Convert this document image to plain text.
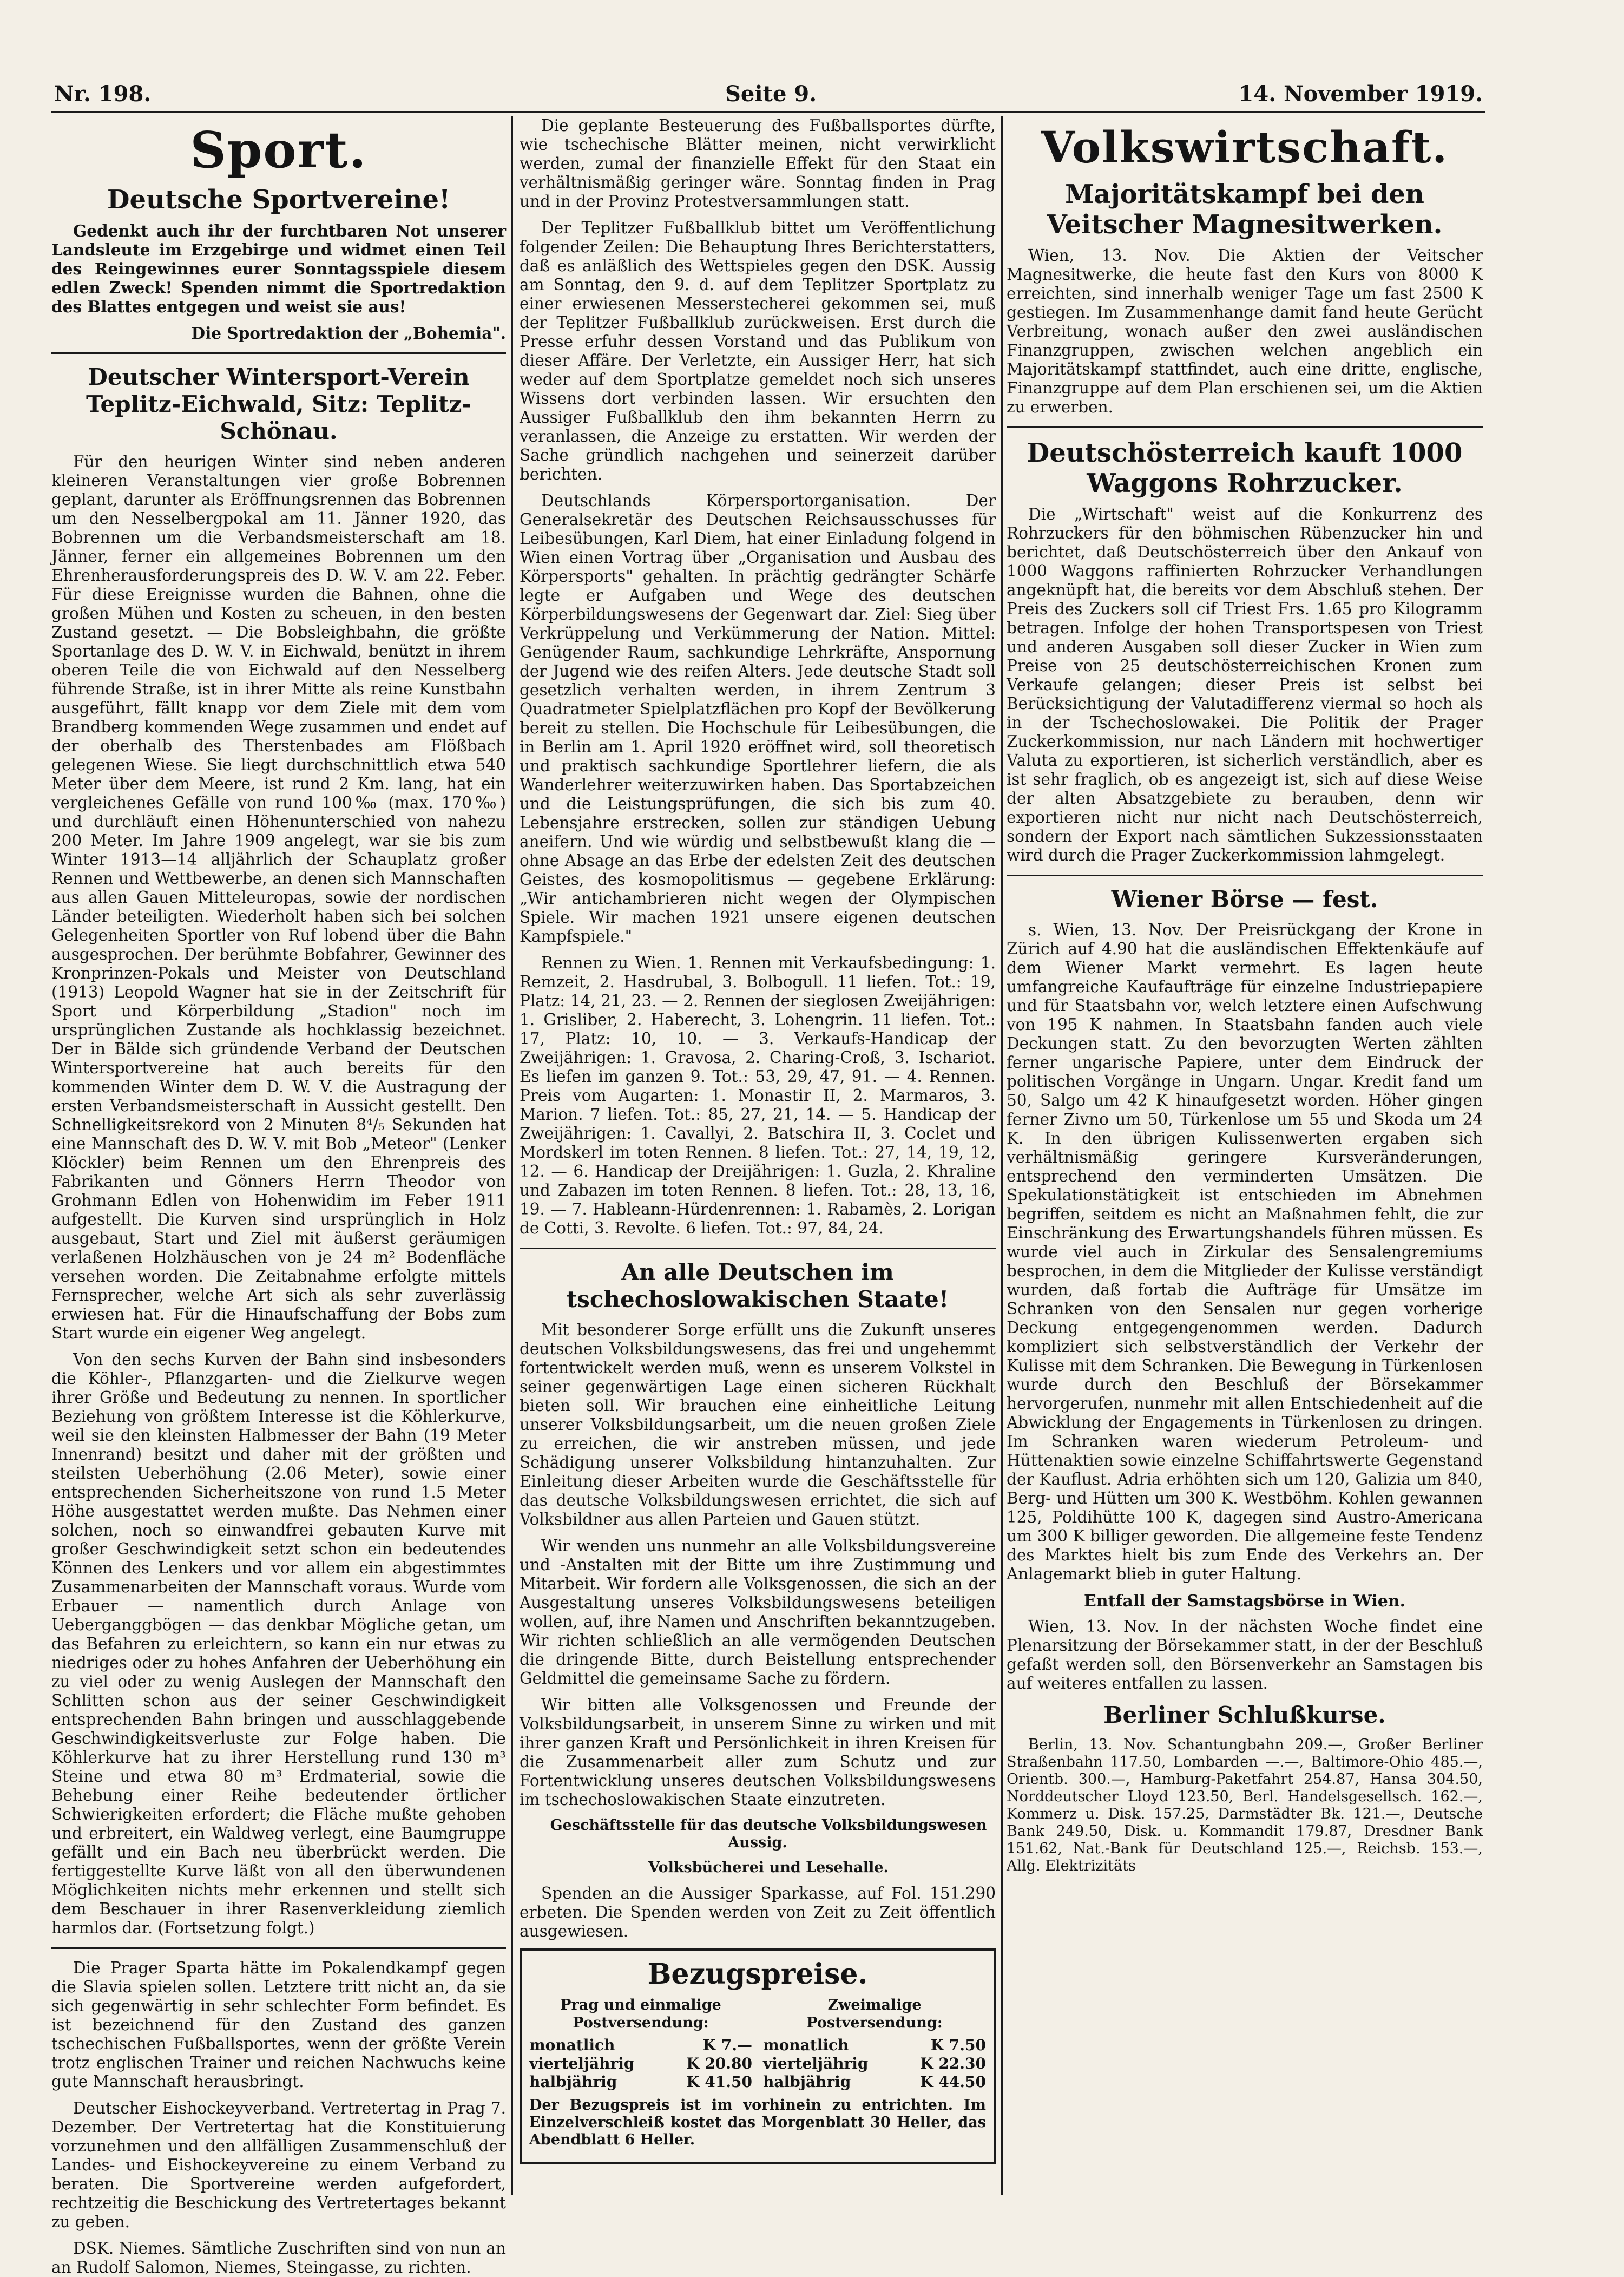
Nr. 198.	Seite 9.	14. November 1919.
Sport.
Deutsche Sportvereine!

Gedenkt auch ihr der furchtbaren Not unserer Landsleute im Erzgebirge und widmet einen Teil des Reingewinnes eurer Sonntagsspiele diesem edlen Zweck! Spenden nimmt die Sportredaktion des Blattes entgegen und weist sie aus!

Die Sportredaktion der „Bohemia".

Deutscher Wintersport-Verein Teplitz-Eichwald, Sitz: Teplitz-Schönau.

Für den heurigen Winter sind neben anderen kleineren Veranstaltungen vier große Bobrennen geplant, darunter als Eröffnungsrennen das Bobrennen um den Nesselbergpokal am 11. Jänner 1920, das Bobrennen um die Verbandsmeisterschaft am 18. Jänner, ferner ein allgemeines Bobrennen um den Ehrenherausforderungspreis des D. W. V. am 22. Feber. Für diese Ereignisse wurden die Bahnen, ohne die großen Mühen und Kosten zu scheuen, in den besten Zustand gesetzt. — Die Bobsleighbahn, die größte Sportanlage des D. W. V. in Eichwald, benützt in ihrem oberen Teile die von Eichwald auf den Nesselberg führende Straße, ist in ihrer Mitte als reine Kunstbahn ausgeführt, fällt knapp vor dem Ziele mit dem vom Brandberg kommenden Wege zusammen und endet auf der oberhalb des Therstenbades am Flößbach gelegenen Wiese. Sie liegt durchschnittlich etwa 540 Meter über dem Meere, ist rund 2 Km. lang, hat ein vergleichenes Gefälle von rund 100‰ (max. 170‰) und durchläuft einen Höhenunterschied von nahezu 200 Meter. Im Jahre 1909 angelegt, war sie bis zum Winter 1913—14 alljährlich der Schauplatz großer Rennen und Wettbewerbe, an denen sich Mannschaften aus allen Gauen Mitteleuropas, sowie der nordischen Länder beteiligten. Wiederholt haben sich bei solchen Gelegenheiten Sportler von Ruf lobend über die Bahn ausgesprochen. Der berühmte Bobfahrer, Gewinner des Kronprinzen-Pokals und Meister von Deutschland (1913) Leopold Wagner hat sie in der Zeitschrift für Sport und Körperbildung „Stadion" noch im ursprünglichen Zustande als hochklassig bezeichnet. Der in Bälde sich gründende Verband der Deutschen Wintersportvereine hat auch bereits für den kommenden Winter dem D. W. V. die Austragung der ersten Verbandsmeisterschaft in Aussicht gestellt. Den Schnelligkeitsrekord von 2 Minuten 8⁴/₅ Sekunden hat eine Mannschaft des D. W. V. mit Bob „Meteor" (Lenker Klöckler) beim Rennen um den Ehrenpreis des Fabrikanten und Gönners Herrn Theodor von Grohmann Edlen von Hohenwidim im Feber 1911 aufgestellt. Die Kurven sind ursprünglich in Holz ausgebaut, Start und Ziel mit äußerst geräumigen verlaßenen Holzhäuschen von je 24 m² Bodenfläche versehen worden. Die Zeitabnahme erfolgte mittels Fernsprecher, welche Art sich als sehr zuverlässig erwiesen hat. Für die Hinaufschaffung der Bobs zum Start wurde ein eigener Weg angelegt.

Von den sechs Kurven der Bahn sind insbesonders die Köhler-, Pflanzgarten- und die Zielkurve wegen ihrer Größe und Bedeutung zu nennen. In sportlicher Beziehung von größtem Interesse ist die Köhlerkurve, weil sie den kleinsten Halbmesser der Bahn (19 Meter Innenrand) besitzt und daher mit der größten und steilsten Ueberhöhung (2.06 Meter), sowie einer entsprechenden Sicherheitszone von rund 1.5 Meter Höhe ausgestattet werden mußte. Das Nehmen einer solchen, noch so einwandfrei gebauten Kurve mit großer Geschwindigkeit setzt schon ein bedeutendes Können des Lenkers und vor allem ein abgestimmtes Zusammenarbeiten der Mannschaft voraus. Wurde vom Erbauer — namentlich durch Anlage von Ueberganggbögen — das denkbar Mögliche getan, um das Befahren zu erleichtern, so kann ein nur etwas zu niedriges oder zu hohes Anfahren der Ueberhöhung ein zu viel oder zu wenig Auslegen der Mannschaft den Schlitten schon aus der seiner Geschwindigkeit entsprechenden Bahn bringen und ausschlaggebende Geschwindigkeitsverluste zur Folge haben. Die Köhlerkurve hat zu ihrer Herstellung rund 130 m³ Steine und etwa 80 m³ Erdmaterial, sowie die Behebung einer Reihe bedeutender örtlicher Schwierigkeiten erfordert; die Fläche mußte gehoben und erbreitert, ein Waldweg verlegt, eine Baumgruppe gefällt und ein Bach neu überbrückt werden. Die fertiggestellte Kurve läßt von all den überwundenen Möglichkeiten nichts mehr erkennen und stellt sich dem Beschauer in ihrer Rasenverkleidung ziemlich harmlos dar. (Fortsetzung folgt.)

Die Prager Sparta hätte im Pokalendkampf gegen die Slavia spielen sollen. Letztere tritt nicht an, da sie sich gegenwärtig in sehr schlechter Form befindet. Es ist bezeichnend für den Zustand des ganzen tschechischen Fußballsportes, wenn der größte Verein trotz englischen Trainer und reichen Nachwuchs keine gute Mannschaft herausbringt.

Deutscher Eishockeyverband. Vertretertag in Prag 7. Dezember. Der Vertretertag hat die Konstituierung vorzunehmen und den allfälligen Zusammenschluß der Landes- und Eishockeyvereine zu einem Verband zu beraten. Die Sportvereine werden aufgefordert, rechtzeitig die Beschickung des Vertretertages bekannt zu geben.

DSK. Niemes. Sämtliche Zuschriften sind von nun an an Rudolf Salomon, Niemes, Steingasse, zu richten.

Die geplante Besteuerung des Fußballsportes dürfte, wie tschechische Blätter meinen, nicht verwirklicht werden, zumal der finanzielle Effekt für den Staat ein verhältnismäßig geringer wäre. Sonntag finden in Prag und in der Provinz Protestversammlungen statt.

Der Teplitzer Fußballklub bittet um Veröffentlichung folgender Zeilen: Die Behauptung Ihres Berichterstatters, daß es anläßlich des Wettspieles gegen den DSK. Aussig am Sonntag, den 9. d. auf dem Teplitzer Sportplatz zu einer erwiesenen Messerstecherei gekommen sei, muß der Teplitzer Fußballklub zurückweisen. Erst durch die Presse erfuhr dessen Vorstand und das Publikum von dieser Affäre. Der Verletzte, ein Aussiger Herr, hat sich weder auf dem Sportplatze gemeldet noch sich unseres Wissens dort verbinden lassen. Wir ersuchten den Aussiger Fußballklub den ihm bekannten Herrn zu veranlassen, die Anzeige zu erstatten. Wir werden der Sache gründlich nachgehen und seinerzeit darüber berichten.

Deutschlands Körpersportorganisation. Der Generalsekretär des Deutschen Reichsausschusses für Leibesübungen, Karl Diem, hat einer Einladung folgend in Wien einen Vortrag über „Organisation und Ausbau des Körpersports" gehalten. In prächtig gedrängter Schärfe legte er Aufgaben und Wege des deutschen Körperbildungswesens der Gegenwart dar. Ziel: Sieg über Verkrüppelung und Verkümmerung der Nation. Mittel: Genügender Raum, sachkundige Lehrkräfte, Anspornung der Jugend wie des reifen Alters. Jede deutsche Stadt soll gesetzlich verhalten werden, in ihrem Zentrum 3 Quadratmeter Spielplatzflächen pro Kopf der Bevölkerung bereit zu stellen. Die Hochschule für Leibesübungen, die in Berlin am 1. April 1920 eröffnet wird, soll theoretisch und praktisch sachkundige Sportlehrer liefern, die als Wanderlehrer weiterzuwirken haben. Das Sportabzeichen und die Leistungsprüfungen, die sich bis zum 40. Lebensjahre erstrecken, sollen zur ständigen Uebung aneifern. Und wie würdig und selbstbewußt klang die — ohne Absage an das Erbe der edelsten Zeit des deutschen Geistes, des kosmopolitismus — gegebene Erklärung: „Wir antichambrieren nicht wegen der Olympischen Spiele. Wir machen 1921 unsere eigenen deutschen Kampfspiele."

Rennen zu Wien. 1. Rennen mit Verkaufsbedingung: 1. Remzeit, 2. Hasdrubal, 3. Bolbogull. 11 liefen. Tot.: 19, Platz: 14, 21, 23. — 2. Rennen der sieglosen Zweijährigen: 1. Grisliber, 2. Haberecht, 3. Lohengrin. 11 liefen. Tot.: 17, Platz: 10, 10. — 3. Verkaufs-Handicap der Zweijährigen: 1. Gravosa, 2. Charing-Croß, 3. Ischariot. Es liefen im ganzen 9. Tot.: 53, 29, 47, 91. — 4. Rennen. Preis vom Augarten: 1. Monastir II, 2. Marmaros, 3. Marion. 7 liefen. Tot.: 85, 27, 21, 14. — 5. Handicap der Zweijährigen: 1. Cavallyi, 2. Batschira II, 3. Coclet und Mordskerl im toten Rennen. 8 liefen. Tot.: 27, 14, 19, 12, 12. — 6. Handicap der Dreijährigen: 1. Guzla, 2. Khraline und Zabazen im toten Rennen. 8 liefen. Tot.: 28, 13, 16, 19. — 7. Hableann-Hürdenrennen: 1. Rabamès, 2. Lorigan de Cotti, 3. Revolte. 6 liefen. Tot.: 97, 84, 24.

An alle Deutschen im tschechoslowakischen Staate!

Mit besonderer Sorge erfüllt uns die Zukunft unseres deutschen Volksbildungswesens, das frei und ungehemmt fortentwickelt werden muß, wenn es unserem Volkstel in seiner gegenwärtigen Lage einen sicheren Rückhalt bieten soll. Wir brauchen eine einheitliche Leitung unserer Volksbildungsarbeit, um die neuen großen Ziele zu erreichen, die wir anstreben müssen, und jede Schädigung unserer Volksbildung hintanzuhalten. Zur Einleitung dieser Arbeiten wurde die Geschäftsstelle für das deutsche Volksbildungswesen errichtet, die sich auf Volksbildner aus allen Parteien und Gauen stützt.

Wir wenden uns nunmehr an alle Volksbildungsvereine und -Anstalten mit der Bitte um ihre Zustimmung und Mitarbeit. Wir fordern alle Volksgenossen, die sich an der Ausgestaltung unseres Volksbildungswesens beteiligen wollen, auf, ihre Namen und Anschriften bekanntzugeben. Wir richten schließlich an alle vermögenden Deutschen die dringende Bitte, durch Beistellung entsprechender Geldmittel die gemeinsame Sache zu fördern.

Wir bitten alle Volksgenossen und Freunde der Volksbildungsarbeit, in unserem Sinne zu wirken und mit ihrer ganzen Kraft und Persönlichkeit in ihren Kreisen für die Zusammenarbeit aller zum Schutz und zur Fortentwicklung unseres deutschen Volksbildungswesens im tschechoslowakischen Staate einzutreten.

Geschäftsstelle für das deutsche Volksbildungswesen Aussig.

Volksbücherei und Lesehalle.

Spenden an die Aussiger Sparkasse, auf Fol. 151.290 erbeten. Die Spenden werden von Zeit zu Zeit öffentlich ausgewiesen.

Bezugspreise.
Prag und einmalige Postversendung:
monatlich	K 7.—
vierteljährig	K 20.80
halbjährig	K 41.50
Zweimalige Postversendung:
monatlich	K 7.50
vierteljährig	K 22.30
halbjährig	K 44.50

Der Bezugspreis ist im vorhinein zu entrichten. Im Einzelverschleiß kostet das Morgenblatt 30 Heller, das Abendblatt 6 Heller.

Volkswirtschaft.
Majoritätskampf bei den Veitscher Magnesitwerken.

Wien, 13. Nov. Die Aktien der Veitscher Magnesitwerke, die heute fast den Kurs von 8000 K erreichten, sind innerhalb weniger Tage um fast 2500 K gestiegen. Im Zusammenhange damit fand heute Gerücht Verbreitung, wonach außer den zwei ausländischen Finanzgruppen, zwischen welchen angeblich ein Majoritätskampf stattfindet, auch eine dritte, englische, Finanzgruppe auf dem Plan erschienen sei, um die Aktien zu erwerben.

Deutschösterreich kauft 1000 Waggons Rohrzucker.

Die „Wirtschaft" weist auf die Konkurrenz des Rohrzuckers für den böhmischen Rübenzucker hin und berichtet, daß Deutschösterreich über den Ankauf von 1000 Waggons raffinierten Rohrzucker Verhandlungen angeknüpft hat, die bereits vor dem Abschluß stehen. Der Preis des Zuckers soll cif Triest Frs. 1.65 pro Kilogramm betragen. Infolge der hohen Transportspesen von Triest und anderen Ausgaben soll dieser Zucker in Wien zum Preise von 25 deutschösterreichischen Kronen zum Verkaufe gelangen; dieser Preis ist selbst bei Berücksichtigung der Valutadifferenz viermal so hoch als in der Tschechoslowakei. Die Politik der Prager Zuckerkommission, nur nach Ländern mit hochwertiger Valuta zu exportieren, ist sicherlich verständlich, aber es ist sehr fraglich, ob es angezeigt ist, sich auf diese Weise der alten Absatzgebiete zu berauben, denn wir exportieren nicht nur nicht nach Deutschösterreich, sondern der Export nach sämtlichen Sukzessionsstaaten wird durch die Prager Zuckerkommission lahmgelegt.

Wiener Börse — fest.

s. Wien, 13. Nov. Der Preisrückgang der Krone in Zürich auf 4.90 hat die ausländischen Effektenkäufe auf dem Wiener Markt vermehrt. Es lagen heute umfangreiche Kaufaufträge für einzelne Industriepapiere und für Staatsbahn vor, welch letztere einen Aufschwung von 195 K nahmen. In Staatsbahn fanden auch viele Deckungen statt. Zu den bevorzugten Werten zählten ferner ungarische Papiere, unter dem Eindruck der politischen Vorgänge in Ungarn. Ungar. Kredit fand um 50, Salgo um 42 K hinaufgesetzt worden. Höher gingen ferner Zivno um 50, Türkenlose um 55 und Skoda um 24 K. In den übrigen Kulissenwerten ergaben sich verhältnismäßig geringere Kursveränderungen, entsprechend den verminderten Umsätzen. Die Spekulationstätigkeit ist entschieden im Abnehmen begriffen, seitdem es nicht an Maßnahmen fehlt, die zur Einschränkung des Erwartungshandels führen müssen. Es wurde viel auch in Zirkular des Sensalengremiums besprochen, in dem die Mitglieder der Kulisse verständigt wurden, daß fortab die Aufträge für Umsätze im Schranken von den Sensalen nur gegen vorherige Deckung entgegengenommen werden. Dadurch kompliziert sich selbstverständlich der Verkehr der Kulisse mit dem Schranken. Die Bewegung in Türkenlosen wurde durch den Beschluß der Börsekammer hervorgerufen, nunmehr mit allen Entschiedenheit auf die Abwicklung der Engagements in Türkenlosen zu dringen. Im Schranken waren wiederum Petroleum- und Hüttenaktien sowie einzelne Schiffahrtswerte Gegenstand der Kauflust. Adria erhöhten sich um 120, Galizia um 840, Berg- und Hütten um 300 K. Westböhm. Kohlen gewannen 125, Poldihütte 100 K, dagegen sind Austro-Americana um 300 K billiger geworden. Die allgemeine feste Tendenz des Marktes hielt bis zum Ende des Verkehrs an. Der Anlagemarkt blieb in guter Haltung.

Entfall der Samstagsbörse in Wien.

Wien, 13. Nov. In der nächsten Woche findet eine Plenarsitzung der Börsekammer statt, in der der Beschluß gefaßt werden soll, den Börsenverkehr an Samstagen bis auf weiteres entfallen zu lassen.

Berliner Schlußkurse.

Berlin, 13. Nov. Schantungbahn 209.—, Großer Berliner Straßenbahn 117.50, Lombarden —.—, Baltimore-Ohio 485.—, Orientb. 300.—, Hamburg-Paketfahrt 254.87, Hansa 304.50, Norddeutscher Lloyd 123.50, Berl. Handelsgesellsch. 162.—, Kommerz u. Disk. 157.25, Darmstädter Bk. 121.—, Deutsche Bank 249.50, Disk. u. Kommandit 179.87, Dresdner Bank 151.62, Nat.-Bank für Deutschland 125.—, Reichsb. 153.—, Allg. Elektrizitäts
